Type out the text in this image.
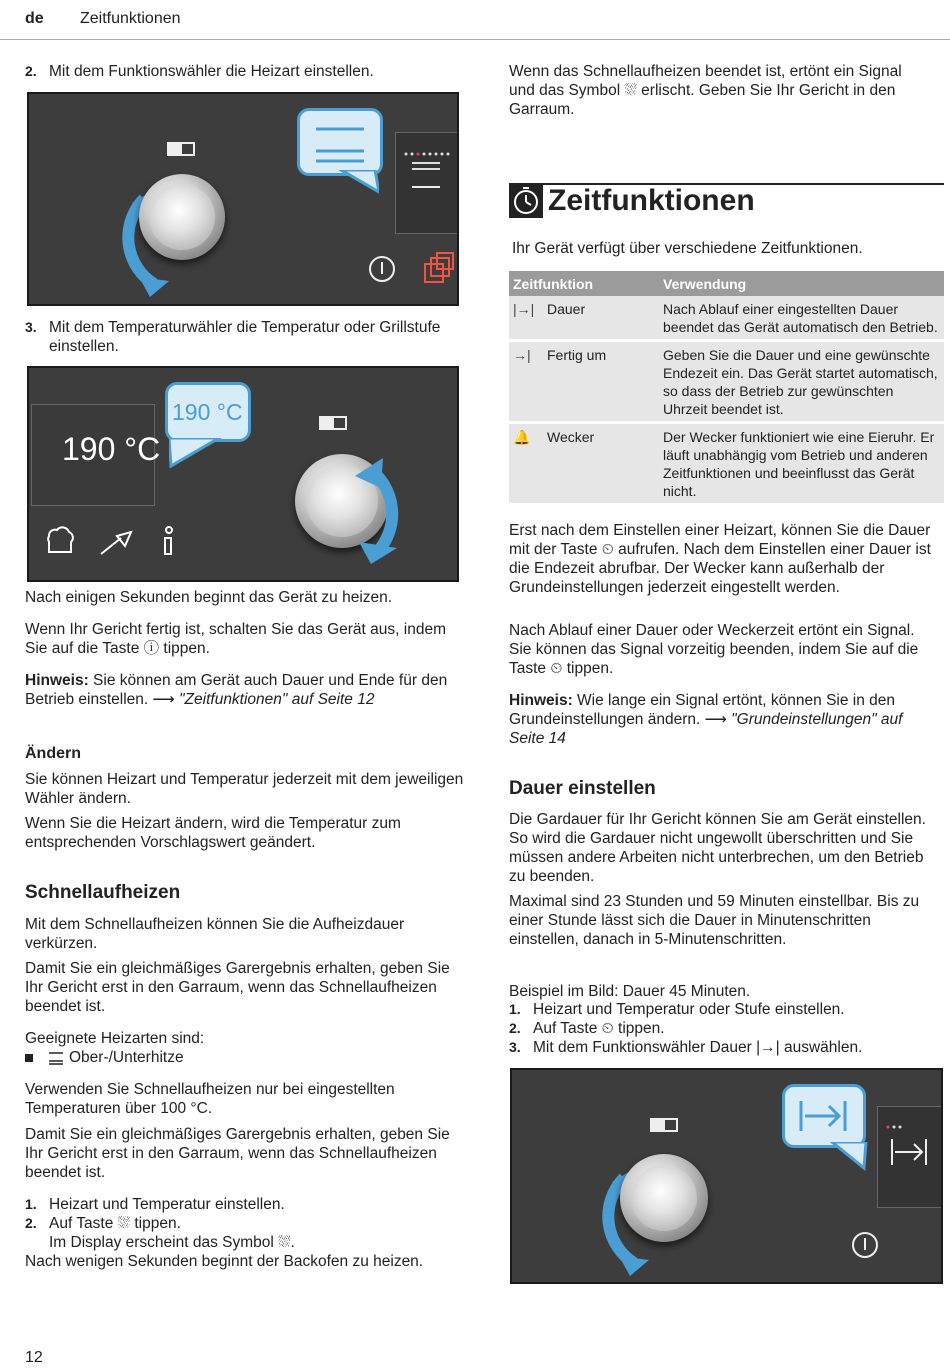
de Zeitfunktionen
2. Mit dem Funktionswähler die Heizart einstellen.
3. Mit dem Temperaturwähler die Temperatur oder Grillstufe einstellen.
190 °C
190 °C
Nach einigen Sekunden beginnt das Gerät zu heizen.
Wenn Ihr Gericht fertig ist, schalten Sie das Gerät aus, indem Sie auf die Taste ⓘ tippen.
Hinweis: Sie können am Gerät auch Dauer und Ende für den Betrieb einstellen. ⟶ "Zeitfunktionen" auf Seite 12
Ändern
Sie können Heizart und Temperatur jederzeit mit dem jeweiligen Wähler ändern.
Wenn Sie die Heizart ändern, wird die Temperatur zum entsprechenden Vorschlagswert geändert.
Schnellaufheizen
Mit dem Schnellaufheizen können Sie die Aufheizdauer verkürzen.
Damit Sie ein gleichmäßiges Garergebnis erhalten, geben Sie Ihr Gericht erst in den Garraum, wenn das Schnellaufheizen beendet ist.
Geeignete Heizarten sind:
Ober-/Unterhitze
Verwenden Sie Schnellaufheizen nur bei eingestellten Temperaturen über 100 °C.
Damit Sie ein gleichmäßiges Garergebnis erhalten, geben Sie Ihr Gericht erst in den Garraum, wenn das Schnellaufheizen beendet ist.
1. Heizart und Temperatur einstellen.
2. Auf Taste ⛆ tippen.
Im Display erscheint das Symbol ⛆.
Nach wenigen Sekunden beginnt der Backofen zu heizen.
Wenn das Schnellaufheizen beendet ist, ertönt ein Signal und das Symbol ⛆ erlischt. Geben Sie Ihr Gericht in den Garraum.
Zeitfunktionen
Ihr Gerät verfügt über verschiedene Zeitfunktionen.
Zeitfunktion	Verwendung
|→| Dauer	Nach Ablauf einer eingestellten Dauer beendet das Gerät automatisch den Betrieb.
→| Fertig um	Geben Sie die Dauer und eine gewünschte Endezeit ein. Das Gerät startet automatisch, so dass der Betrieb zur gewünschten Uhrzeit beendet ist.
🔔 Wecker	Der Wecker funktioniert wie eine Eieruhr. Er läuft unabhängig vom Betrieb und anderen Zeitfunktionen und beeinflusst das Gerät nicht.
Erst nach dem Einstellen einer Heizart, können Sie die Dauer mit der Taste ⏲ aufrufen. Nach dem Einstellen einer Dauer ist die Endezeit abrufbar. Der Wecker kann außerhalb der Grundeinstellungen jederzeit eingestellt werden.
Nach Ablauf einer Dauer oder Weckerzeit ertönt ein Signal. Sie können das Signal vorzeitig beenden, indem Sie auf die Taste ⏲ tippen.
Hinweis: Wie lange ein Signal ertönt, können Sie in den Grundeinstellungen ändern. ⟶ "Grundeinstellungen" auf Seite 14
Dauer einstellen
Die Gardauer für Ihr Gericht können Sie am Gerät einstellen. So wird die Gardauer nicht ungewollt überschritten und Sie müssen andere Arbeiten nicht unterbrechen, um den Betrieb zu beenden.
Maximal sind 23 Stunden und 59 Minuten einstellbar. Bis zu einer Stunde lässt sich die Dauer in Minutenschritten einstellen, danach in 5-Minutenschritten.
Beispiel im Bild: Dauer 45 Minuten.
1. Heizart und Temperatur oder Stufe einstellen.
2. Auf Taste ⏲ tippen.
3. Mit dem Funktionswähler Dauer |→| auswählen.
12
